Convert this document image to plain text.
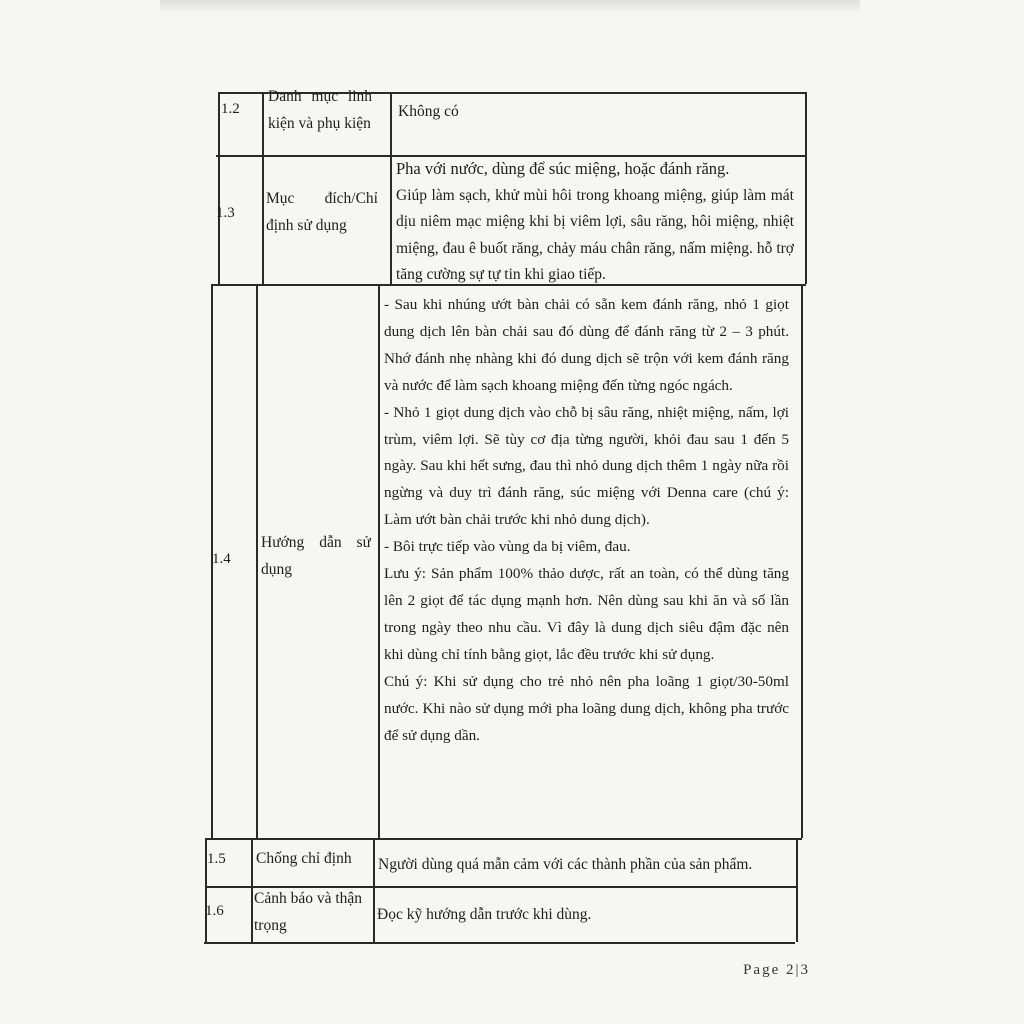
1.2
Danh mục linh kiện và phụ kiện
Không có
1.3
Mục đích/Chỉ định sử dụng
Pha với nước, dùng để súc miệng, hoặc đánh răng.
Giúp làm sạch, khử mùi hôi trong khoang miệng, giúp làm mát dịu niêm mạc miệng khi bị viêm lợi, sâu răng, hôi miệng, nhiệt miệng, đau ê buốt răng, chảy máu chân răng, nấm miệng. hỗ trợ tăng cường sự tự tin khi giao tiếp.
1.4
Hướng dẫn sử dụng
- Sau khi nhúng ướt bàn chải có sẵn kem đánh răng, nhỏ 1 giọt dung dịch lên bàn chải sau đó dùng để đánh răng từ 2 – 3 phút. Nhớ đánh nhẹ nhàng khi đó dung dịch sẽ trộn với kem đánh răng và nước để làm sạch khoang miệng đến từng ngóc ngách.
- Nhỏ 1 giọt dung dịch vào chỗ bị sâu răng, nhiệt miệng, nấm, lợi trùm, viêm lợi. Sẽ tùy cơ địa từng người, khỏi đau sau 1 đến 5 ngày. Sau khi hết sưng, đau thì nhỏ dung dịch thêm 1 ngày nữa rồi ngừng và duy trì đánh răng, súc miệng với Denna care (chú ý: Làm ướt bàn chải trước khi nhỏ dung dịch).
- Bôi trực tiếp vào vùng da bị viêm, đau.
Lưu ý: Sản phẩm 100% thảo dược, rất an toàn, có thể dùng tăng lên 2 giọt để tác dụng mạnh hơn. Nên dùng sau khi ăn và số lần trong ngày theo nhu cầu. Vì đây là dung dịch siêu đậm đặc nên khi dùng chỉ tính bằng giọt, lắc đều trước khi sử dụng.
Chú ý: Khi sử dụng cho trẻ nhỏ nên pha loãng 1 giọt/30-50ml nước. Khi nào sử dụng mới pha loãng dung dịch, không pha trước để sử dụng dần.
1.5 Chống chỉ định	Người dùng quá mẫn cảm với các thành phần của sản phẩm.
1.6
Cảnh báo và thận trọng
Đọc kỹ hướng dẫn trước khi dùng.
Page 2|3
